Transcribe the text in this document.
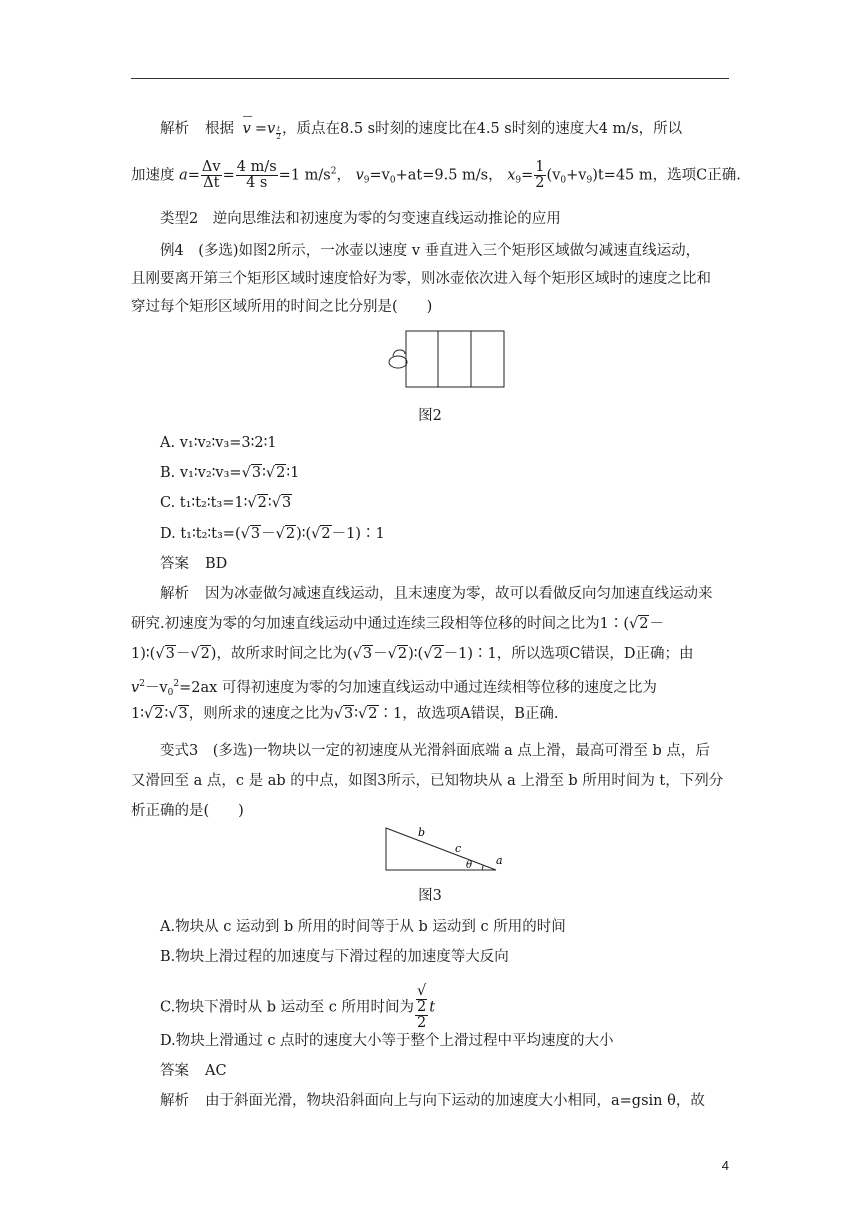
解析 根据
—
$v =v \frac{t}{2}$ ，质点在8.5 s时刻的速度比在4.5 s时刻的速度大4 m/s，所以
加速度 $a= \frac{\Delta v}{\Delta t} = \frac{4 m/s}{4 s} =1$ $m/s^2$， $v_9=v_0+at=9.5$ m/s， $x_9= \frac{1}{2} (v_0+v_9)t=45$ m，选项C正确.
类型2　逆向思维法和初速度为零的匀变速直线运动推论的应用
例4　(多选)如图2所示，一冰壶以速度 v 垂直进入三个矩形区域做匀减速直线运动，
且刚要离开第三个矩形区域时速度恰好为零，则冰壶依次进入每个矩形区域时的速度之比和
穿过每个矩形区域所用的时间之比分别是(　　)
图2
A. v₁∶v₂∶v₃=3∶2∶1
B. v₁∶v₂∶v₃=√3∶√2∶1
C. t₁∶t₂∶t₃=1∶√2∶√3
D. t₁∶t₂∶t₃=(√3－√2)∶(√2－1)∶1
答案 BD
解析 因为冰壶做匀减速直线运动，且末速度为零，故可以看做反向匀加速直线运动来
研究.初速度为零的匀加速直线运动中通过连续三段相等位移的时间之比为1∶(√2－
1)∶(√3－√2)，故所求时间之比为(√3－√2)∶(√2－1)∶1，所以选项C错误，D正确；由
$v^2-v_0^2=2ax$ 可得初速度为零的匀加速直线运动中通过连续相等位移的速度之比为
1∶√2∶√3，则所求的速度之比为√3∶√2∶1，故选项A错误，B正确.
变式3　(多选)一物块以一定的初速度从光滑斜面底端 a 点上滑，最高可滑至 b 点，后
又滑回至 a 点，c 是 ab 的中点，如图3所示，已知物块从 a 上滑至 b 所用时间为 t，下列分
析正确的是(　　)
b
c
θ a
图3
A.物块从 c 运动到 b 所用的时间等于从 b 运动到 c 所用的时间
B.物块上滑过程的加速度与下滑过程的加速度等大反向
C.物块下滑时从 b 运动至 c 所用时间为 √
2
2 t
D.物块上滑通过 c 点时的速度大小等于整个上滑过程中平均速度的大小
答案 AC
解析 由于斜面光滑，物块沿斜面向上与向下运动的加速度大小相同，a=gsin θ，故
4
